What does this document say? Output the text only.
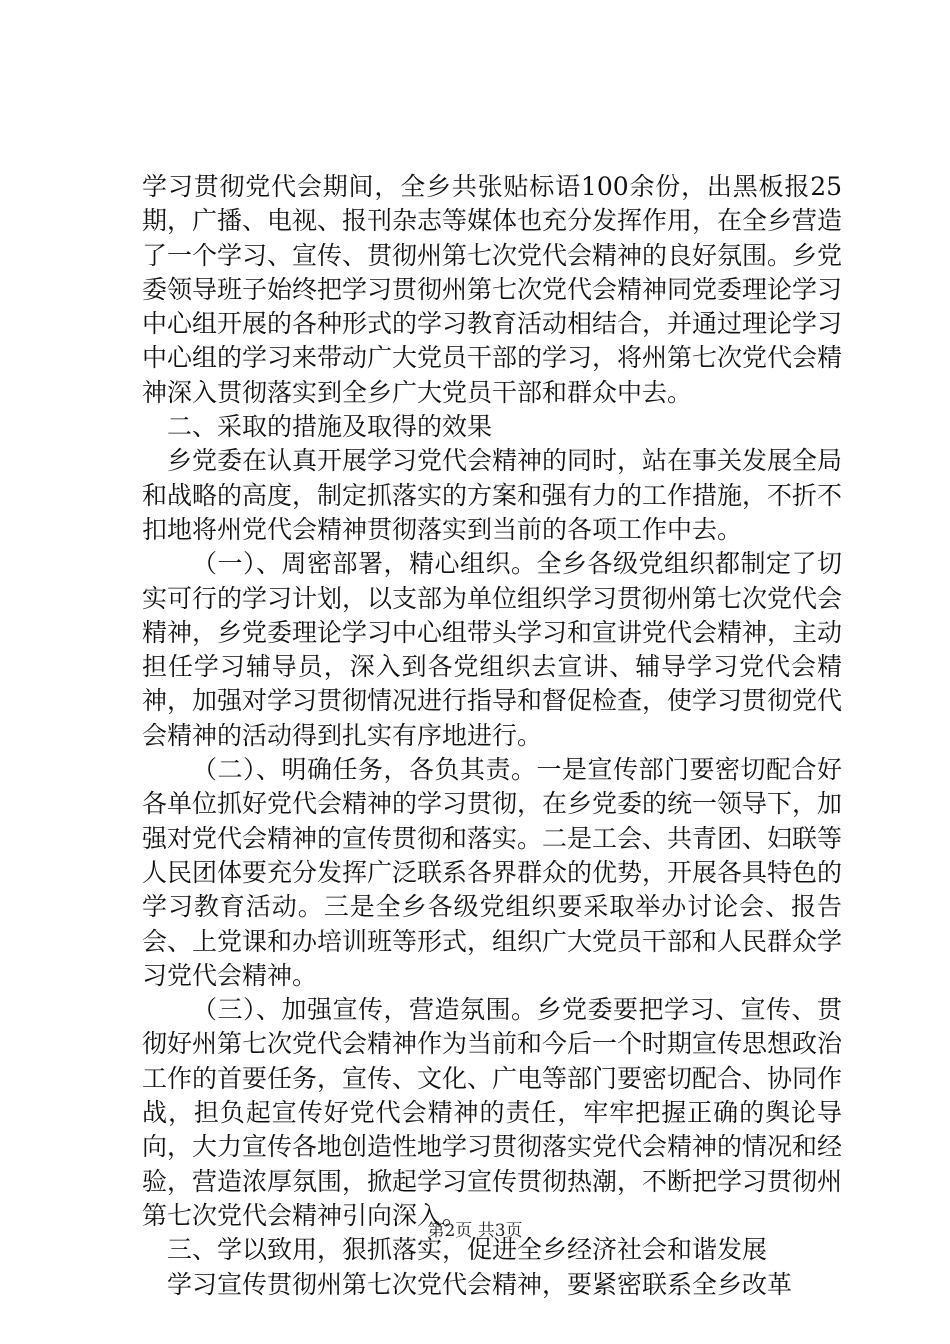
学习贯彻党代会期间，全乡共张贴标语100余份，出黑板报25期，广播、电视、报刊杂志等媒体也充分发挥作用，在全乡营造了一个学习、宣传、贯彻州第七次党代会精神的良好氛围。乡党委领导班子始终把学习贯彻州第七次党代会精神同党委理论学习中心组开展的各种形式的学习教育活动相结合，并通过理论学习中心组的学习来带动广大党员干部的学习，将州第七次党代会精神深入贯彻落实到全乡广大党员干部和群众中去。

二、采取的措施及取得的效果

乡党委在认真开展学习党代会精神的同时，站在事关发展全局和战略的高度，制定抓落实的方案和强有力的工作措施，不折不扣地将州党代会精神贯彻落实到当前的各项工作中去。

（一）、周密部署，精心组织。全乡各级党组织都制定了切实可行的学习计划，以支部为单位组织学习贯彻州第七次党代会精神，乡党委理论学习中心组带头学习和宣讲党代会精神，主动担任学习辅导员，深入到各党组织去宣讲、辅导学习党代会精神，加强对学习贯彻情况进行指导和督促检查，使学习贯彻党代会精神的活动得到扎实有序地进行。

（二）、明确任务，各负其责。一是宣传部门要密切配合好各单位抓好党代会精神的学习贯彻，在乡党委的统一领导下，加强对党代会精神的宣传贯彻和落实。二是工会、共青团、妇联等人民团体要充分发挥广泛联系各界群众的优势，开展各具特色的学习教育活动。三是全乡各级党组织要采取举办讨论会、报告会、上党课和办培训班等形式，组织广大党员干部和人民群众学习党代会精神。

（三）、加强宣传，营造氛围。乡党委要把学习、宣传、贯彻好州第七次党代会精神作为当前和今后一个时期宣传思想政治工作的首要任务，宣传、文化、广电等部门要密切配合、协同作战，担负起宣传好党代会精神的责任，牢牢把握正确的舆论导向，大力宣传各地创造性地学习贯彻落实党代会精神的情况和经验，营造浓厚氛围，掀起学习宣传贯彻热潮，不断把学习贯彻州第七次党代会精神引向深入。

三、学以致用，狠抓落实，促进全乡经济社会和谐发展

学习宣传贯彻州第七次党代会精神，要紧密联系全乡改革

第2页 共3页
